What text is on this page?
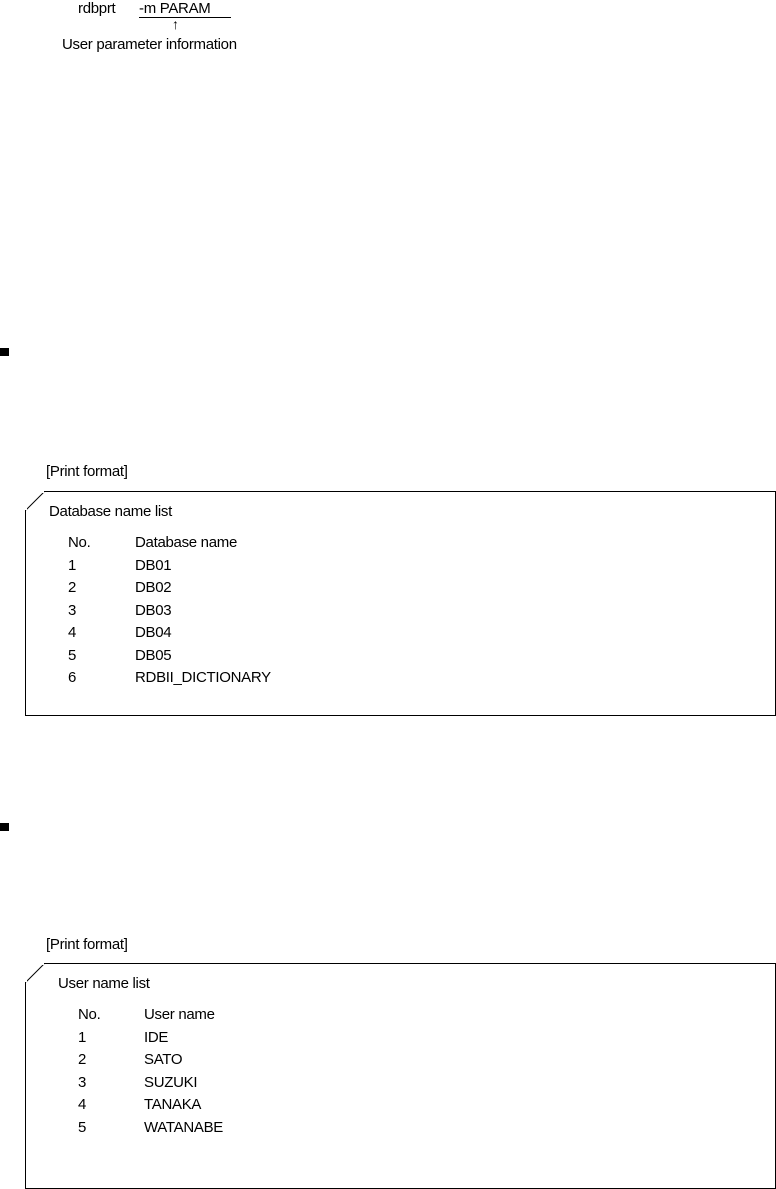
rdbprt -m PARAM
↑
User parameter information
[Print format]
Database name list
No.	Database name
1	DB01
2	DB02
3	DB03
4	DB04
5	DB05
6	RDBII_DICTIONARY
[Print format]
User name list
No.	User name
1	IDE
2	SATO
3	SUZUKI
4	TANAKA
5	WATANABE
